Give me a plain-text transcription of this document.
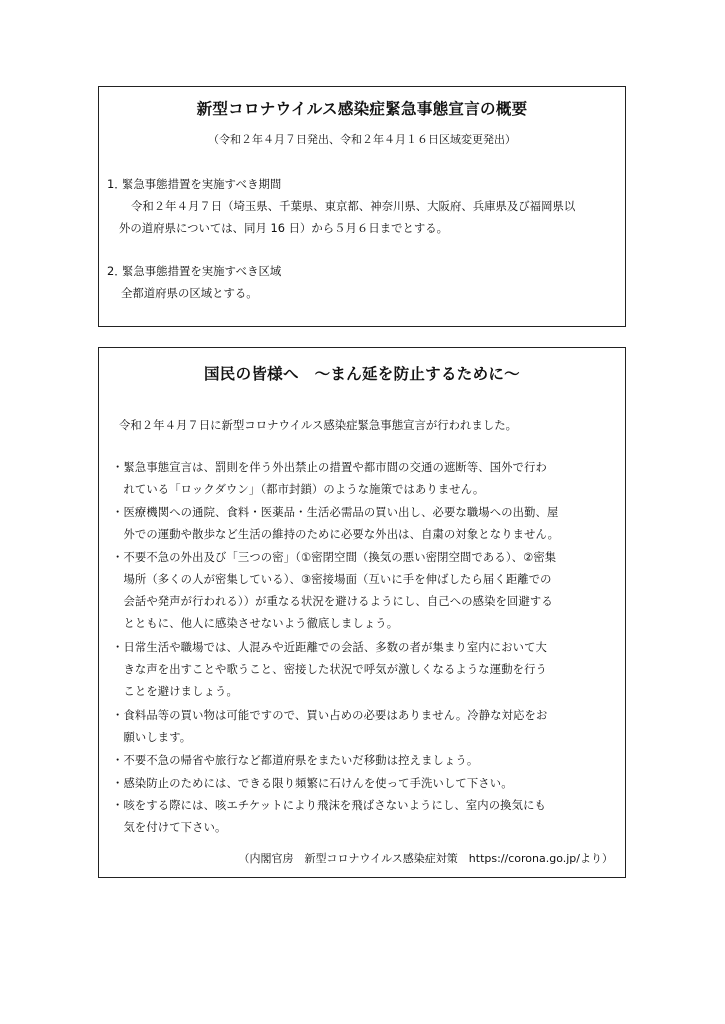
新型コロナウイルス感染症緊急事態宣言の概要
（令和２年４月７日発出、令和２年４月１６日区域変更発出）
1．緊急事態措置を実施すべき期間
令和２年４月７日（埼玉県、千葉県、東京都、神奈川県、大阪府、兵庫県及び福岡県以
外の道府県については、同月 16 日）から５月６日までとする。
2．緊急事態措置を実施すべき区域
全都道府県の区域とする。
国民の皆様へ　～まん延を防止するために～
令和２年４月７日に新型コロナウイルス感染症緊急事態宣言が行われました。
・緊急事態宣言は、罰則を伴う外出禁止の措置や都市間の交通の遮断等、国外で行わ
　れている「ロックダウン」（都市封鎖）のような施策ではありません。
・医療機関への通院、食料・医薬品・生活必需品の買い出し、必要な職場への出勤、屋
　外での運動や散歩など生活の維持のために必要な外出は、自粛の対象となりません。
・不要不急の外出及び「三つの密」（①密閉空間（換気の悪い密閉空間である）、②密集
　場所（多くの人が密集している）、③密接場面（互いに手を伸ばしたら届く距離での
　会話や発声が行われる））が重なる状況を避けるようにし、自己への感染を回避する
　とともに、他人に感染させないよう徹底しましょう。
・日常生活や職場では、人混みや近距離での会話、多数の者が集まり室内において大
　きな声を出すことや歌うこと、密接した状況で呼気が激しくなるような運動を行う
　ことを避けましょう。
・食料品等の買い物は可能ですので、買い占めの必要はありません。冷静な対応をお
　願いします。
・不要不急の帰省や旅行など都道府県をまたいだ移動は控えましょう。
・感染防止のためには、できる限り頻繁に石けんを使って手洗いして下さい。
・咳をする際には、咳エチケットにより飛沫を飛ばさないようにし、室内の換気にも
　気を付けて下さい。
（内閣官房　新型コロナウイルス感染症対策　https://corona.go.jp/より）
